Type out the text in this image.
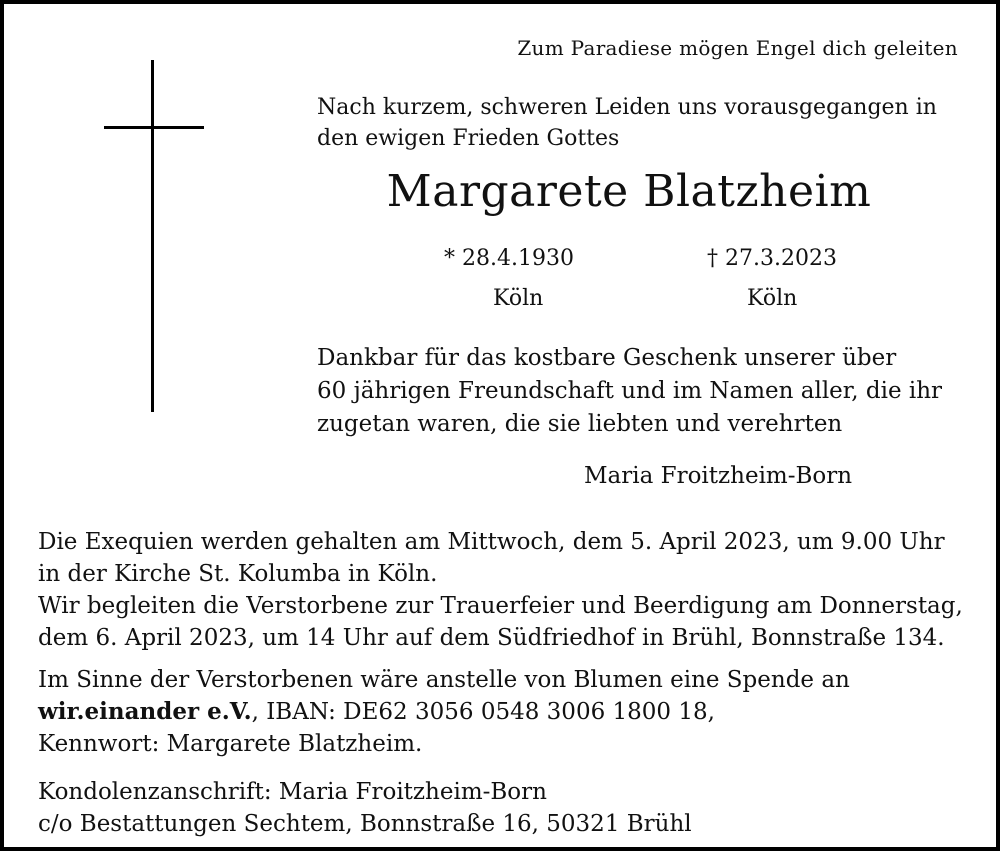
Zum Paradiese mögen Engel dich geleiten

Nach kurzem, schweren Leiden uns vorausgegangen in
den ewigen Frieden Gottes
Margarete Blatzheim
* 28.4.1930	† 27.3.2023
Köln	Köln
Dankbar für das kostbare Geschenk unserer über
60 jährigen Freundschaft und im Namen aller, die ihr
zugetan waren, die sie liebten und verehrten
Maria Froitzheim-Born
Die Exequien werden gehalten am Mittwoch, dem 5. April 2023, um 9.00 Uhr
in der Kirche St. Kolumba in Köln.
Wir begleiten die Verstorbene zur Trauerfeier und Beerdigung am Donnerstag,
dem 6. April 2023, um 14 Uhr auf dem Südfriedhof in Brühl, Bonnstraße 134.
Im Sinne der Verstorbenen wäre anstelle von Blumen eine Spende an
wir.einander e.V., IBAN: DE62 3056 0548 3006 1800 18,
Kennwort: Margarete Blatzheim.
Kondolenzanschrift: Maria Froitzheim-Born
c/o Bestattungen Sechtem, Bonnstraße 16, 50321 Brühl
